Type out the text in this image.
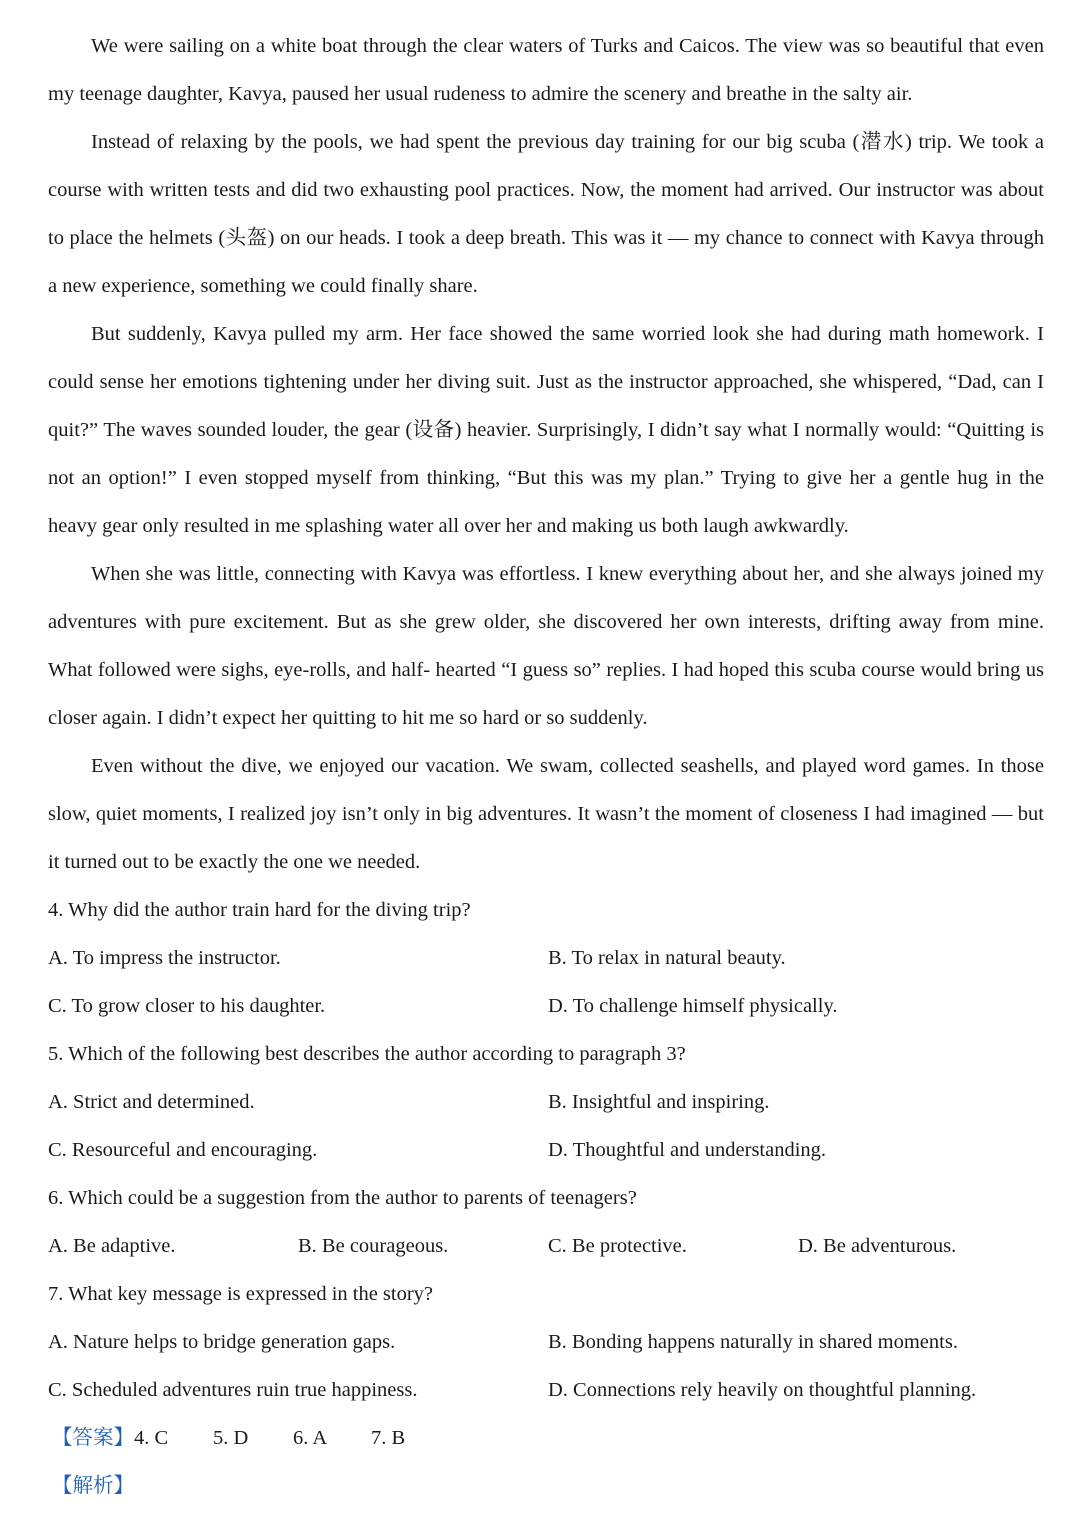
We were sailing on a white boat through the clear waters of Turks and Caicos. The view was so beautiful that even my teenage daughter, Kavya, paused her usual rudeness to admire the scenery and breathe in the salty air.

Instead of relaxing by the pools, we had spent the previous day training for our big scuba (潜水) trip. We took a course with written tests and did two exhausting pool practices. Now, the moment had arrived. Our instructor was about to place the helmets (头盔) on our heads. I took a deep breath. This was it — my chance to connect with Kavya through a new experience, something we could finally share.

But suddenly, Kavya pulled my arm. Her face showed the same worried look she had during math homework. I could sense her emotions tightening under her diving suit. Just as the instructor approached, she whispered, “Dad, can I quit?” The waves sounded louder, the gear (设备) heavier. Surprisingly, I didn’t say what I normally would: “Quitting is not an option!” I even stopped myself from thinking, “But this was my plan.” Trying to give her a gentle hug in the heavy gear only resulted in me splashing water all over her and making us both laugh awkwardly.

When she was little, connecting with Kavya was effortless. I knew everything about her, and she always joined my adventures with pure excitement. But as she grew older, she discovered her own interests, drifting away from mine. What followed were sighs, eye-rolls, and half- hearted “I guess so” replies. I had hoped this scuba course would bring us closer again. I didn’t expect her quitting to hit me so hard or so suddenly.

Even without the dive, we enjoyed our vacation. We swam, collected seashells, and played word games. In those slow, quiet moments, I realized joy isn’t only in big adventures. It wasn’t the moment of closeness I had imagined — but it turned out to be exactly the one we needed.

4. Why did the author train hard for the diving trip?

A. To impress the instructor.	B. To relax in natural beauty.
C. To grow closer to his daughter.	D. To challenge himself physically.

5. Which of the following best describes the author according to paragraph 3?

A. Strict and determined.	B. Insightful and inspiring.
C. Resourceful and encouraging.	D. Thoughtful and understanding.

6. Which could be a suggestion from the author to parents of teenagers?

A. Be adaptive.	B. Be courageous.	C. Be protective.	D. Be adventurous.

7. What key message is expressed in the story?

A. Nature helps to bridge generation gaps.	B. Bonding happens naturally in shared moments.
C. Scheduled adventures ruin true happiness.	D. Connections rely heavily on thoughtful planning.
【答案】 4. C 5. D 6. A 7. B
【解析】
